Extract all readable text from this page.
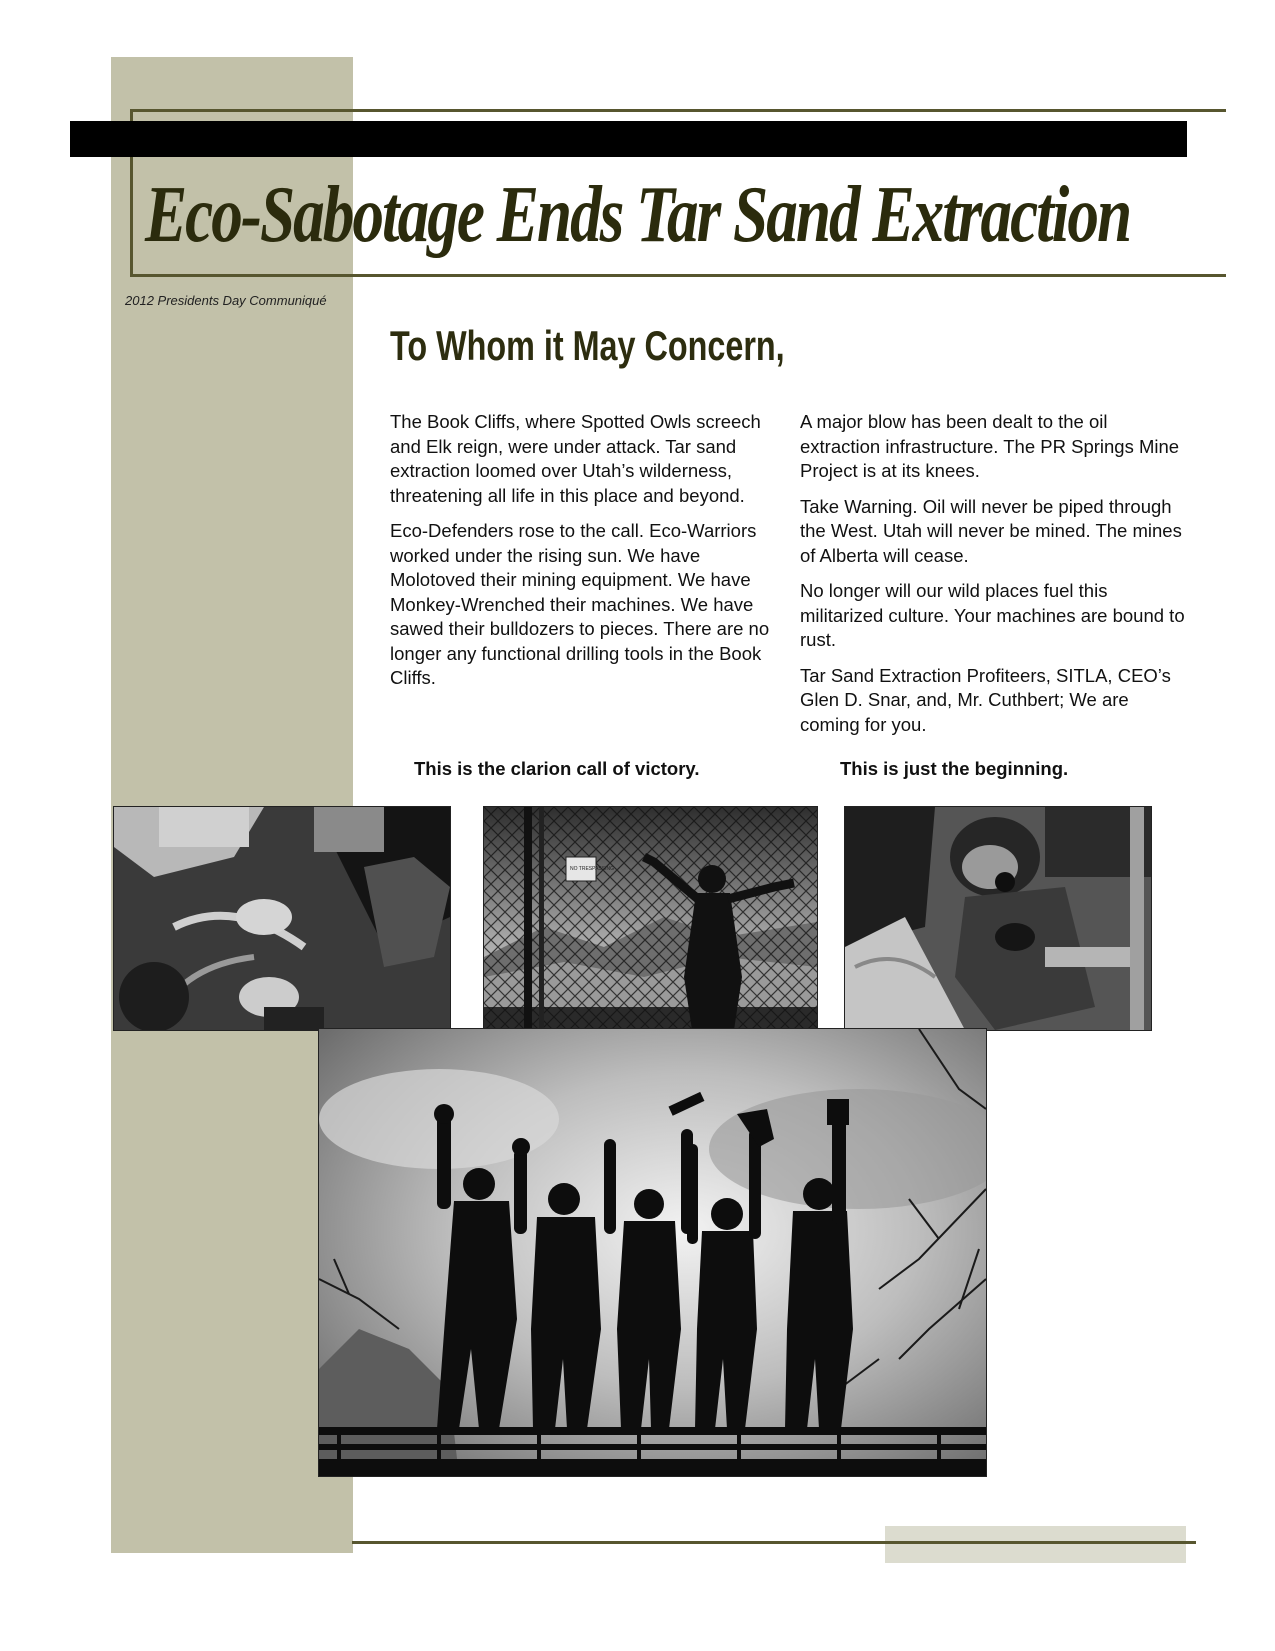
Eco-Sabotage Ends Tar Sand Extraction
2012 Presidents Day Communiqué
To Whom it May Concern,

The Book Cliffs, where Spotted Owls screech and Elk reign, were under attack. Tar sand extraction loomed over Utah’s wilderness, threatening all life in this place and beyond.

Eco-Defenders rose to the call. Eco-Warriors worked under the rising sun. We have Molotoved their mining equipment. We have Monkey-Wrenched their machines. We have sawed their bulldozers to pieces. There are no longer any functional drilling tools in the Book Cliffs.

A major blow has been dealt to the oil extraction infrastructure. The PR Springs Mine Project is at its knees.

Take Warning. Oil will never be piped through the West. Utah will never be mined. The mines of Alberta will cease.

No longer will our wild places fuel this militarized culture. Your machines are bound to rust.

Tar Sand Extraction Profiteers, SITLA, CEO’s Glen D. Snar, and, Mr. Cuthbert; We are coming for you.

This is the clarion call of victory.	This is just the beginning.
NO TRESPASSING
